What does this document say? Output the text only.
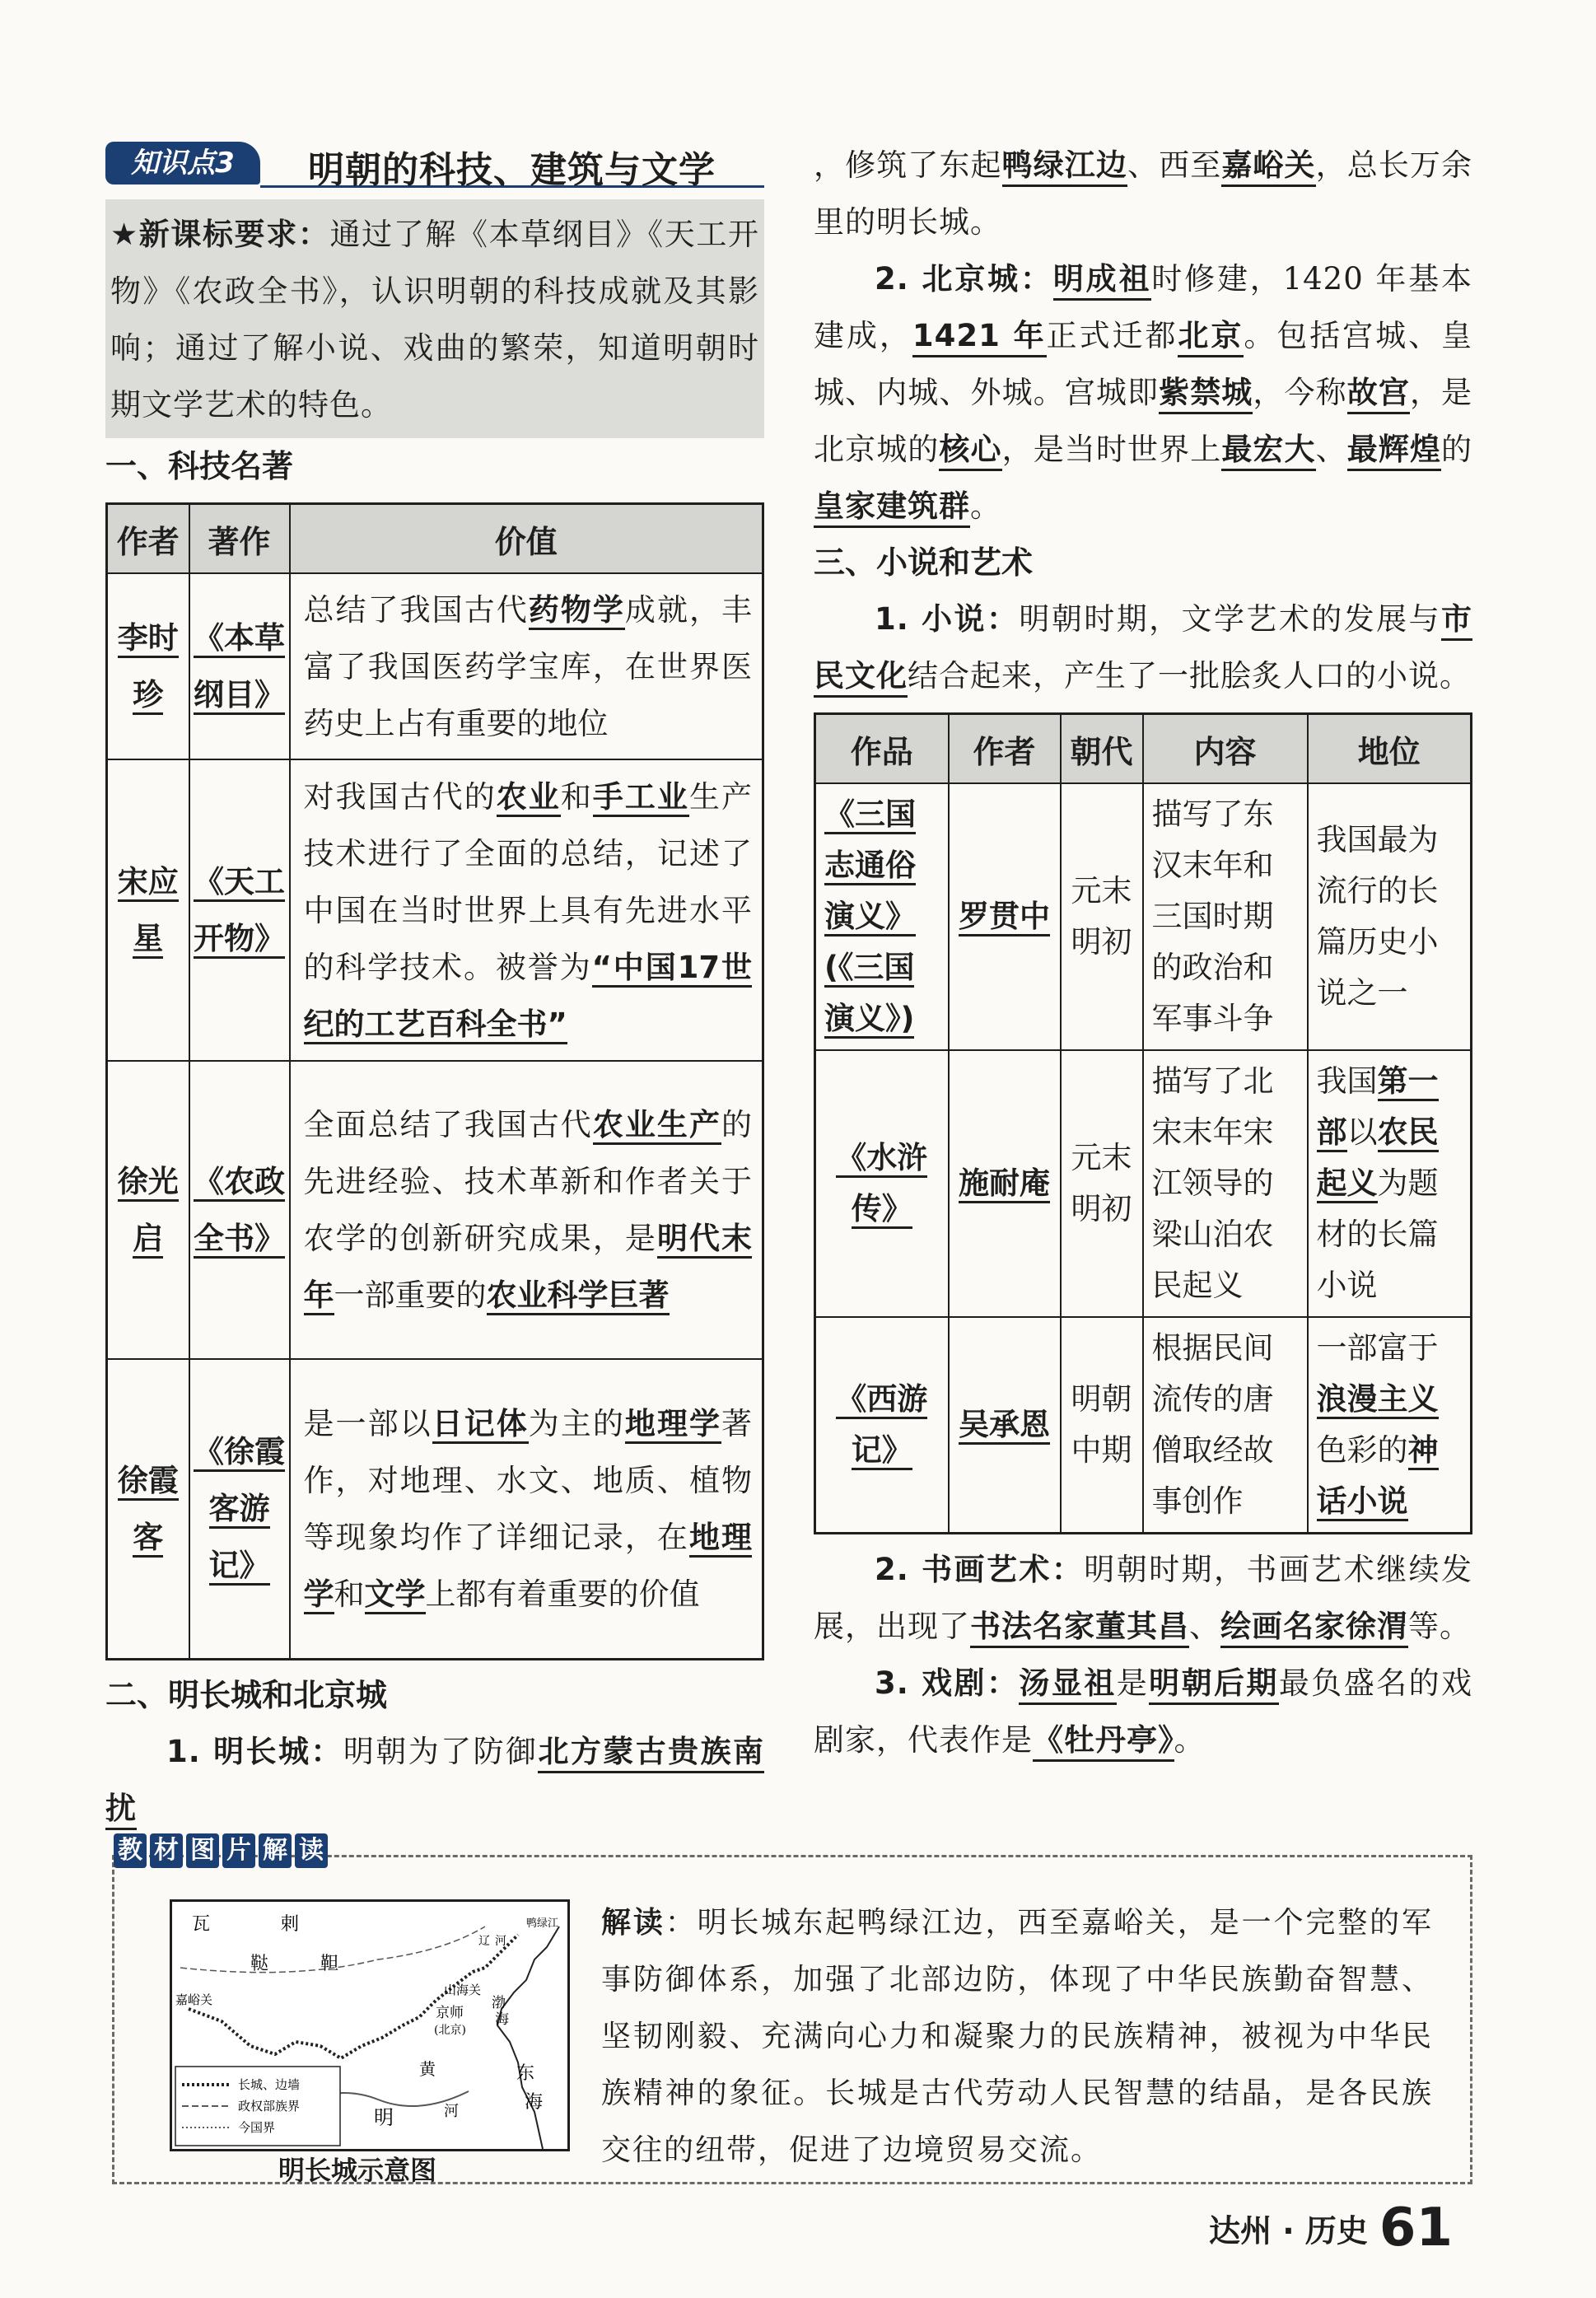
知识点3	明朝的科技、建筑与文学
★新课标要求：通过了解《本草纲目》《天工开物》《农政全书》，认识明朝的科技成就及其影响；通过了解小说、戏曲的繁荣，知道明朝时期文学艺术的特色。
一、科技名著
作者	著作	价值
李时珍	《本草纲目》	总结了我国古代药物学成就，丰富了我国医药学宝库，在世界医药史上占有重要的地位
宋应星	《天工开物》	对我国古代的农业和手工业生产技术进行了全面的总结，记述了中国在当时世界上具有先进水平的科学技术。被誉为“中国17世纪的工艺百科全书”
徐光启	《农政全书》	全面总结了我国古代农业生产的先进经验、技术革新和作者关于农学的创新研究成果，是明代末年一部重要的农业科学巨著
徐霞客	《徐霞客游记》	是一部以日记体为主的地理学著作，对地理、水文、地质、植物等现象均作了详细记录，在地理学和文学上都有着重要的价值
二、明长城和北京城
1. 明长城：明朝为了防御北方蒙古贵族南扰
，修筑了东起鸭绿江边、西至嘉峪关，总长万余里的明长城。
2. 北京城：明成祖时修建，1420 年基本建成，1421 年正式迁都北京。包括宫城、皇城、内城、外城。宫城即紫禁城，今称故宫，是北京城的核心，是当时世界上最宏大、最辉煌的皇家建筑群。
三、小说和艺术
1. 小说：明朝时期，文学艺术的发展与市民文化结合起来，产生了一批脍炙人口的小说。
作品	作者	朝代	内容	地位
《三国志通俗演义》(《三国演义》)	罗贯中	元末明初	描写了东汉末年和三国时期的政治和军事斗争	我国最为流行的长篇历史小说之一
《水浒传》	施耐庵	元末明初	描写了北宋末年宋江领导的梁山泊农民起义	我国第一部以农民起义为题材的长篇小说
《西游记》	吴承恩	明朝中期	根据民间流传的唐僧取经故事创作	一部富于浪漫主义色彩的神话小说
2. 书画艺术：明朝时期，书画艺术继续发展，出现了书法名家董其昌、绘画名家徐渭等。
3. 戏剧：汤显祖是明朝后期最负盛名的戏剧家，代表作是《牡丹亭》。
教 材 图 片 解 读
瓦	剌
鞑	靼
嘉峪关
山海关
京师
(北京)
渤
海
黄
河
明
东
海
辽 河
鸭绿江
长城、边墙
政权部族界
今国界
明长城示意图
解读：明长城东起鸭绿江边，西至嘉峪关，是一个完整的军事防御体系，加强了北部边防，体现了中华民族勤奋智慧、坚韧刚毅、充满向心力和凝聚力的民族精神，被视为中华民族精神的象征。长城是古代劳动人民智慧的结晶，是各民族交往的纽带，促进了边境贸易交流。
达州 · 历史 61
